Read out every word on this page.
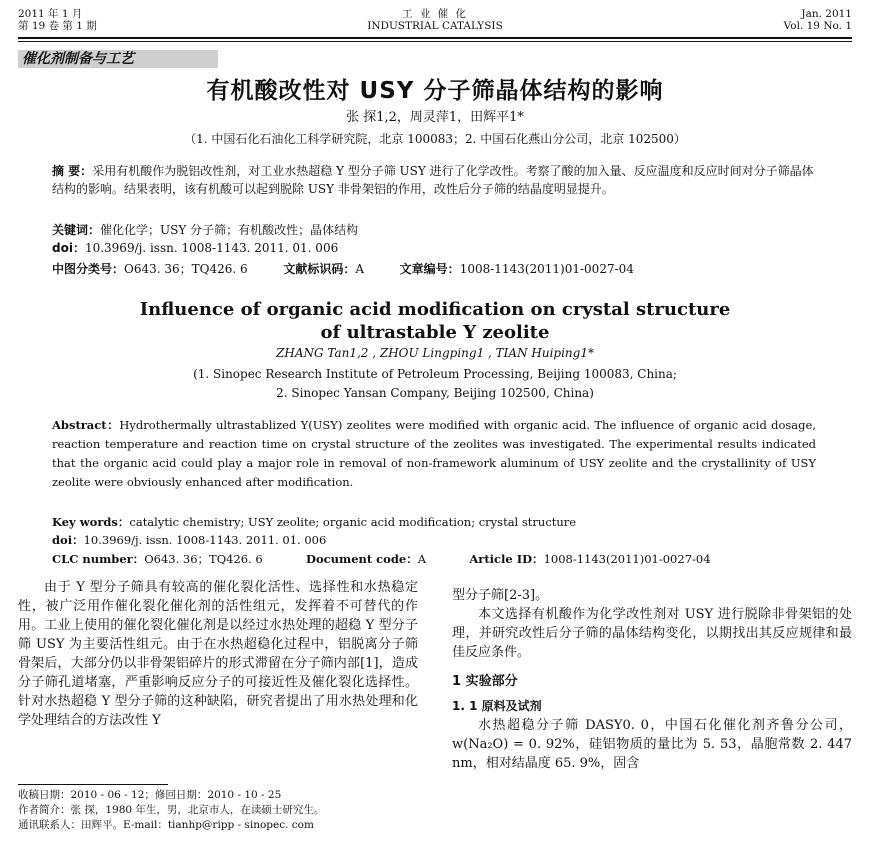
2011 年 1 月
第 19 卷 第 1 期
工 业 催 化
INDUSTRIAL CATALYSIS
Jan. 2011
Vol. 19 No. 1
催化剂制备与工艺
有机酸改性对 USY 分子筛晶体结构的影响
张 探1,2，周灵萍1，田辉平1*
（1. 中国石化石油化工科学研究院，北京 100083；2. 中国石化燕山分公司，北京 102500）
摘 要：采用有机酸作为脱铝改性剂，对工业水热超稳 Y 型分子筛 USY 进行了化学改性。考察了酸的加入量、反应温度和反应时间对分子筛晶体结构的影响。结果表明，该有机酸可以起到脱除 USY 非骨架铝的作用，改性后分子筛的结晶度明显提升。
关键词：催化化学；USY 分子筛；有机酸改性；晶体结构
doi：10.3969/j. issn. 1008-1143. 2011. 01. 006
中图分类号：O643. 36；TQ426. 6	文献标识码：A	文章编号：1008-1143(2011)01-0027-04
Influence of organic acid modification on crystal structure
of ultrastable Y zeolite
ZHANG Tan1,2 , ZHOU Lingping1 , TIAN Huiping1*
(1. Sinopec Research Institute of Petroleum Processing, Beijing 100083, China;
2. Sinopec Yansan Company, Beijing 102500, China)
Abstract：Hydrothermally ultrastablized Y(USY) zeolites were modified with organic acid. The influence of organic acid dosage, reaction temperature and reaction time on crystal structure of the zeolites was investigated. The experimental results indicated that the organic acid could play a major role in removal of non-framework aluminum of USY zeolite and the crystallinity of USY zeolite were obviously enhanced after modification.
Key words：catalytic chemistry; USY zeolite; organic acid modification; crystal structure
doi：10.3969/j. issn. 1008-1143. 2011. 01. 006
CLC number：O643. 36；TQ426. 6	Document code：A	Article ID：1008-1143(2011)01-0027-04
由于 Y 型分子筛具有较高的催化裂化活性、选择性和水热稳定性，被广泛用作催化裂化催化剂的活性组元，发挥着不可替代的作用。工业上使用的催化裂化催化剂是以经过水热处理的超稳 Y 型分子筛 USY 为主要活性组元。由于在水热超稳化过程中，铝脱离分子筛骨架后，大部分仍以非骨架铝碎片的形式滞留在分子筛内部[1]，造成分子筛孔道堵塞，严重影响反应分子的可接近性及催化裂化选择性。针对水热超稳 Y 型分子筛的这种缺陷，研究者提出了用水热处理和化学处理结合的方法改性 Y

型分子筛[2-3]。

本文选择有机酸作为化学改性剂对 USY 进行脱除非骨架铝的处理，并研究改性后分子筛的晶体结构变化，以期找出其反应规律和最佳反应条件。

1 实验部分

1. 1 原料及试剂

水热超稳分子筛 DASY0. 0，中国石化催化剂齐鲁分公司，w(Na₂O) = 0. 92%，硅铝物质的量比为 5. 53，晶胞常数 2. 447 nm，相对结晶度 65. 9%，固含

收稿日期：2010 - 06 - 12；修回日期：2010 - 10 - 25
作者简介：张 探，1980 年生，男，北京市人，在读硕士研究生。
通讯联系人：田辉平。E-mail：tianhp@ripp - sinopec. com
